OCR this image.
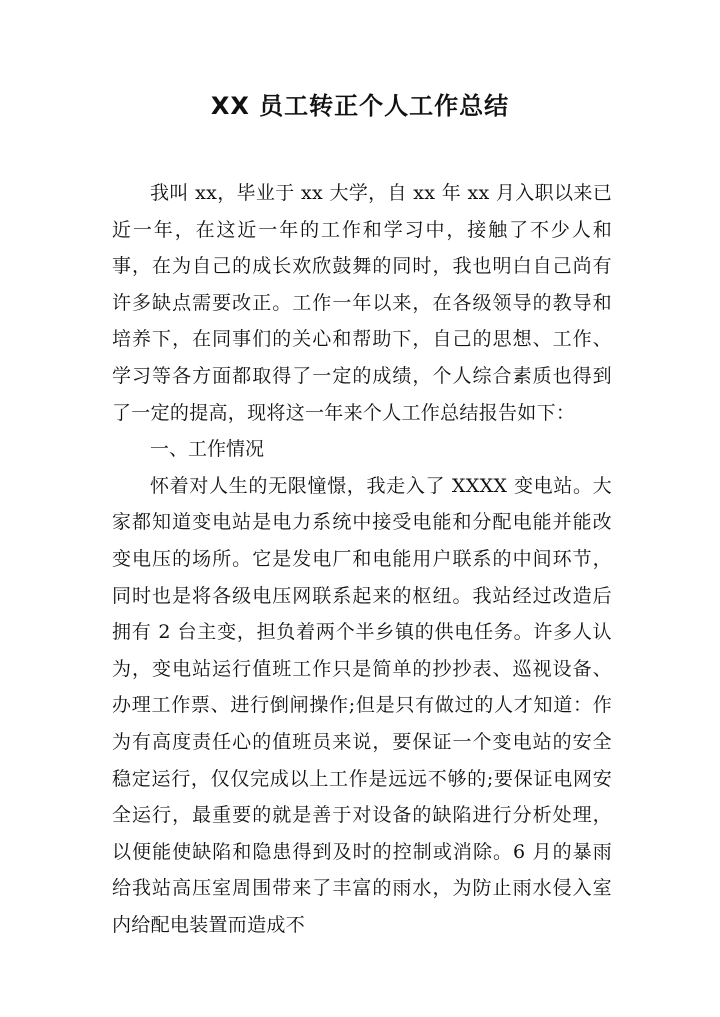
XX 员工转正个人工作总结

我叫 xx，毕业于 xx 大学，自 xx 年 xx 月入职以来已近一年，在这近一年的工作和学习中，接触了不少人和事，在为自己的成长欢欣鼓舞的同时，我也明白自己尚有许多缺点需要改正。工作一年以来，在各级领导的教导和培养下，在同事们的关心和帮助下，自己的思想、工作、学习等各方面都取得了一定的成绩，个人综合素质也得到了一定的提高，现将这一年来个人工作总结报告如下：

一、工作情况

怀着对人生的无限憧憬，我走入了 XXXX 变电站。大家都知道变电站是电力系统中接受电能和分配电能并能改变电压的场所。它是发电厂和电能用户联系的中间环节，同时也是将各级电压网联系起来的枢纽。我站经过改造后拥有 2 台主变，担负着两个半乡镇的供电任务。许多人认为，变电站运行值班工作只是简单的抄抄表、巡视设备、办理工作票、进行倒闸操作;但是只有做过的人才知道：作为有高度责任心的值班员来说，要保证一个变电站的安全稳定运行，仅仅完成以上工作是远远不够的;要保证电网安全运行，最重要的就是善于对设备的缺陷进行分析处理，以便能使缺陷和隐患得到及时的控制或消除。6 月的暴雨给我站高压室周围带来了丰富的雨水，为防止雨水侵入室内给配电装置而造成不
